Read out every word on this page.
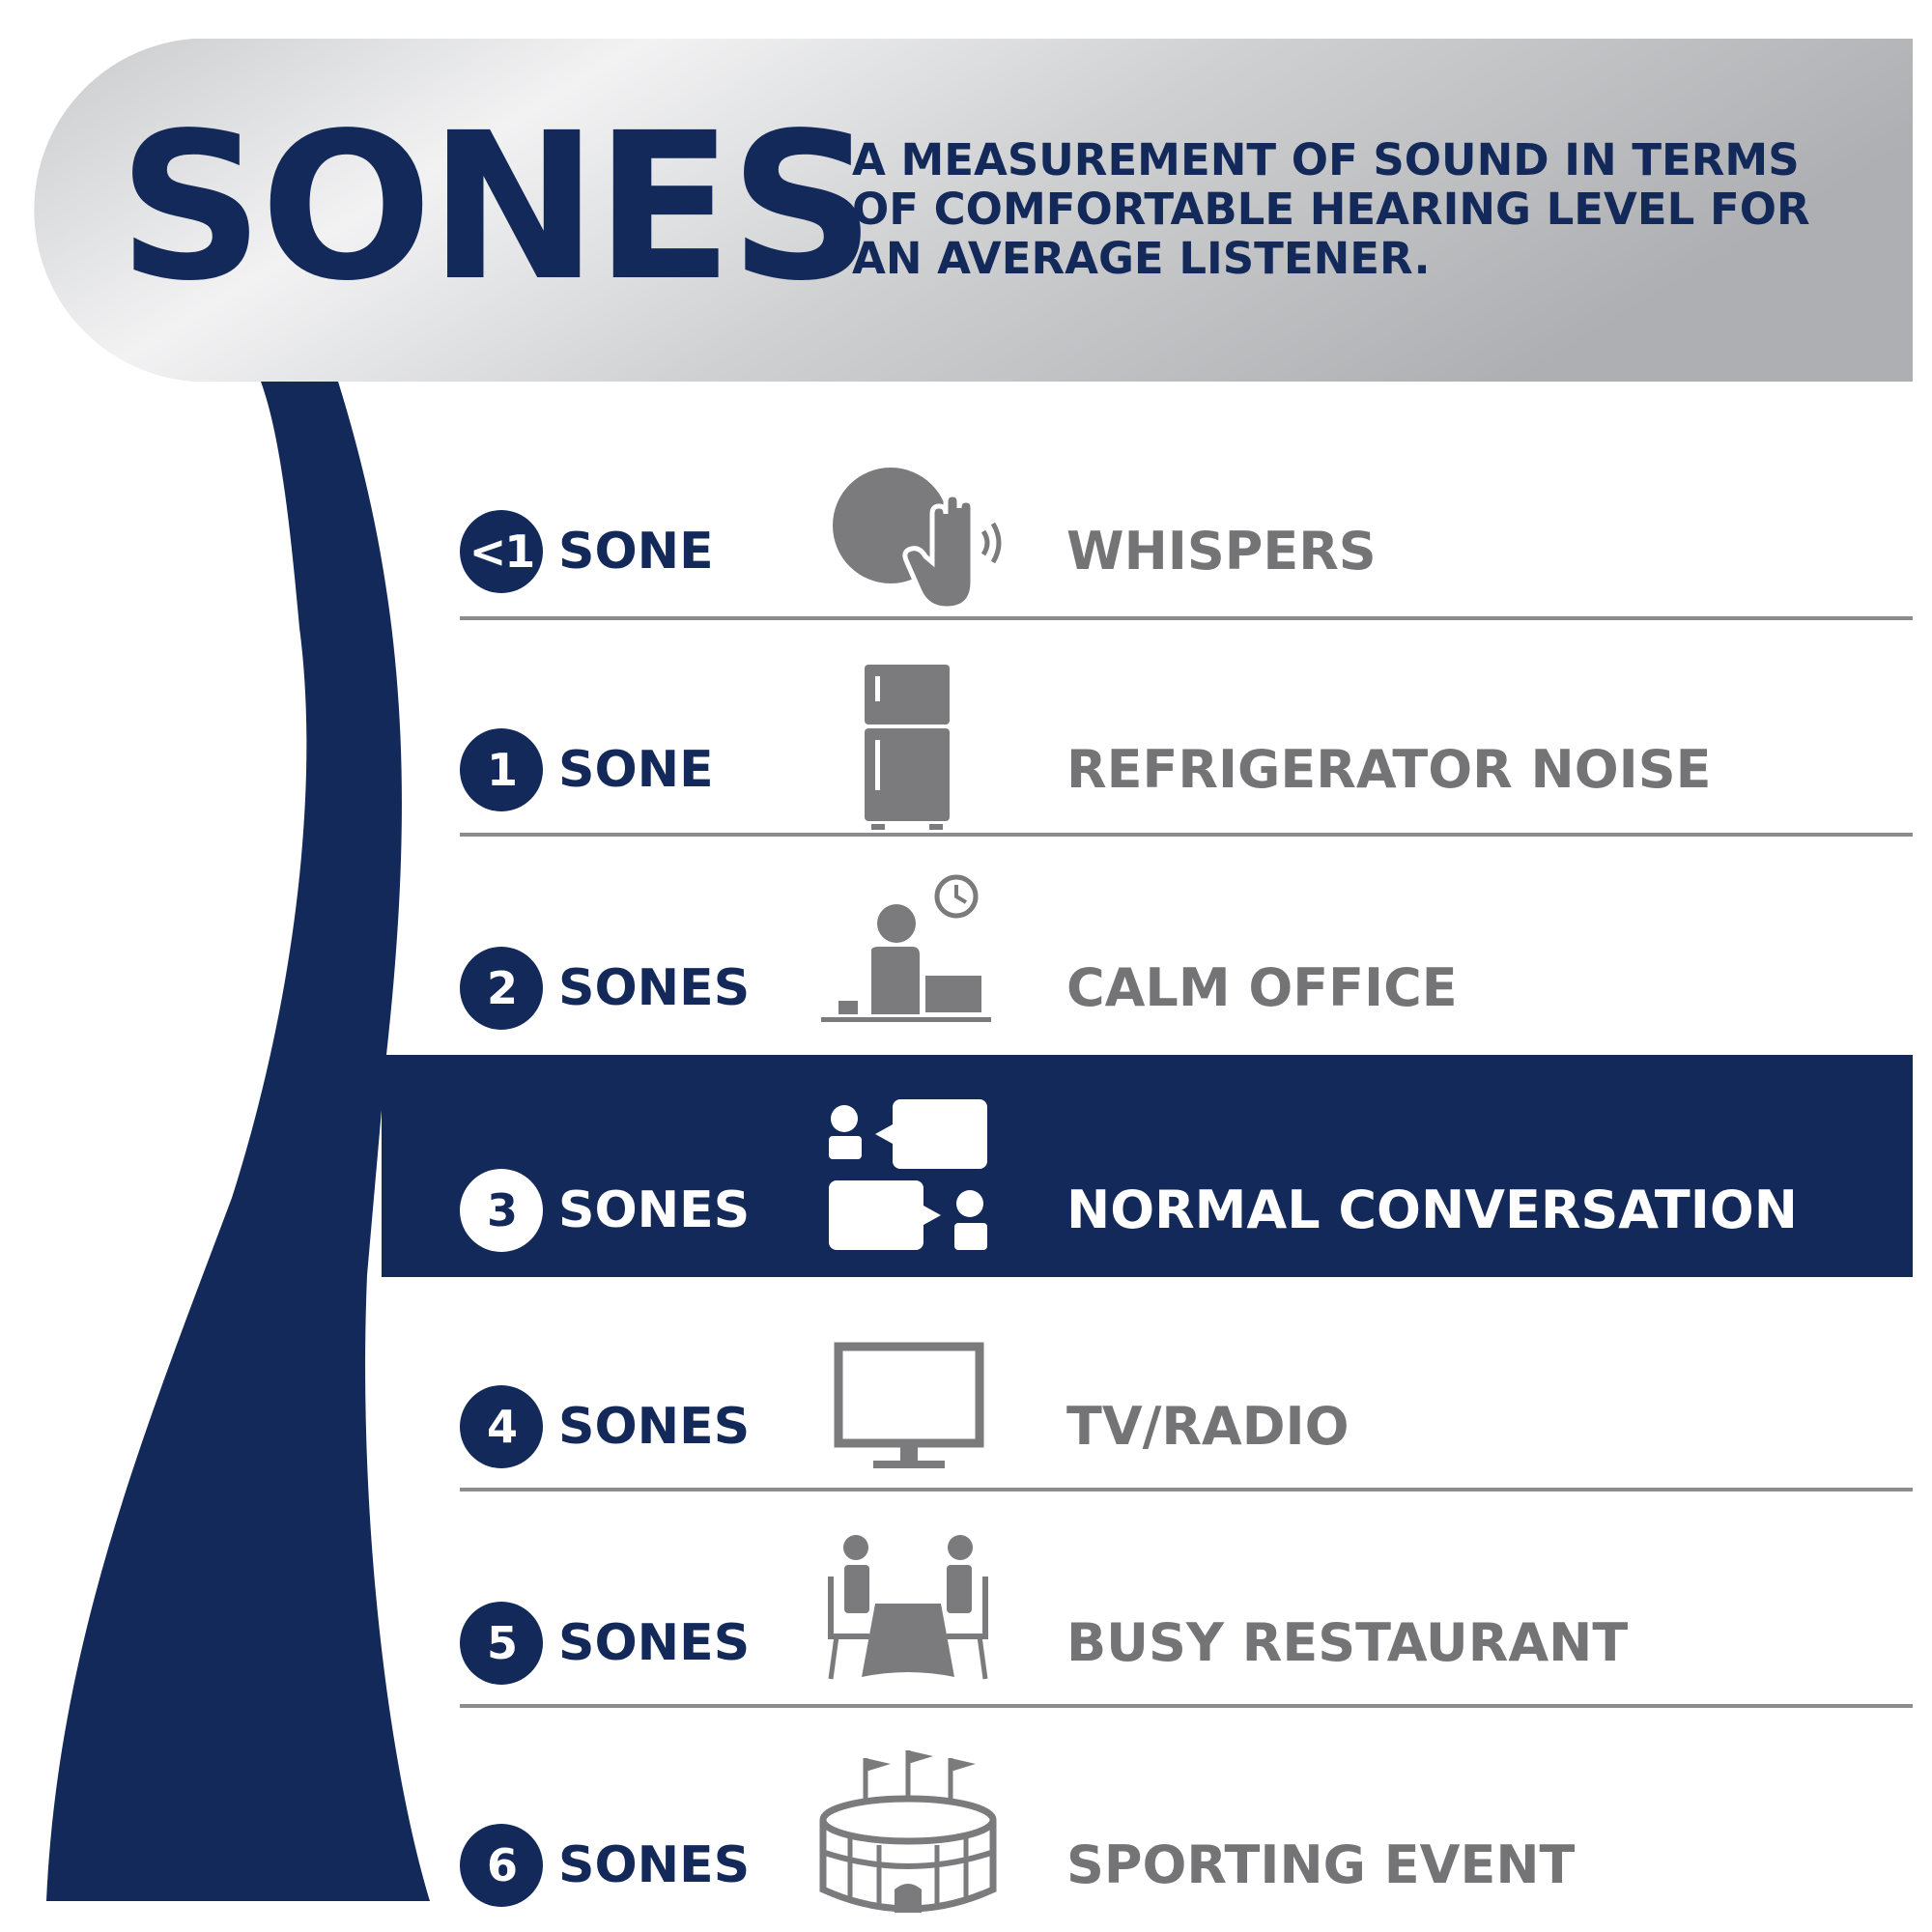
SONES

A MEASUREMENT OF SOUND IN TERMS OF COMFORTABLE HEARING LEVEL FOR AN AVERAGE LISTENER.

<1 SONE	WHISPERS
1 SONE	REFRIGERATOR NOISE
2 SONES	CALM OFFICE
3 SONES	NORMAL CONVERSATION
4 SONES	TV/RADIO
5 SONES	BUSY RESTAURANT
6 SONES	SPORTING EVENT
